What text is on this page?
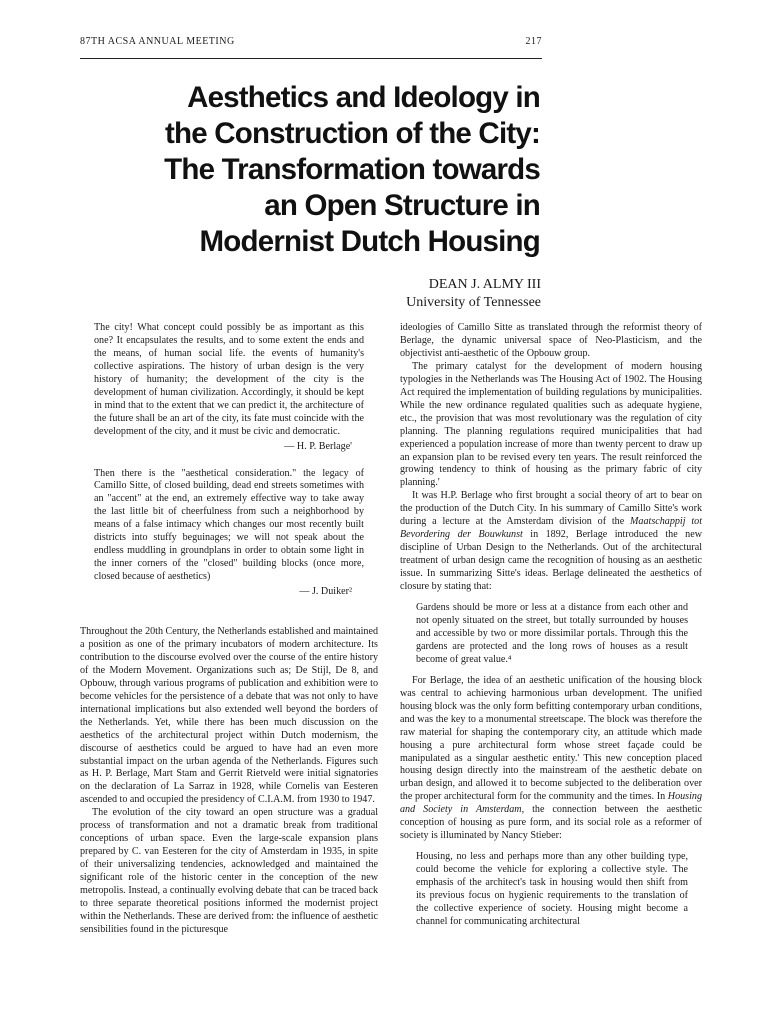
87TH ACSA ANNUAL MEETING	217
Aesthetics and Ideology in
the Construction of the City:
The Transformation towards
an Open Structure in
Modernist Dutch Housing
DEAN J. ALMY III
University of Tennessee

The city! What concept could possibly be as important as this one? It encapsulates the results, and to some extent the ends and the means, of human social life. the events of humanity's collective aspirations. The history of urban design is the very history of humanity; the development of the city is the development of human civilization. Accordingly, it should be kept in mind that to the extent that we can predict it, the architecture of the future shall be an art of the city, its fate must coincide with the development of the city, and it must be civic and democratic.

— H. P. Berlage'

Then there is the "aesthetical consideration." the legacy of Camillo Sitte, of closed building, dead end streets sometimes with an "accent" at the end, an extremely effective way to take away the last little bit of cheerfulness from such a neighborhood by means of a false intimacy which changes our most recently built districts into stuffy beguinages; we will not speak about the endless muddling in groundplans in order to obtain some light in the inner corners of the "closed" building blocks (once more, closed because of aesthetics)

— J. Duiker²

Throughout the 20th Century, the Netherlands established and maintained a position as one of the primary incubators of modern architecture. Its contribution to the discourse evolved over the course of the entire history of the Modern Movement. Organizations such as; De Stijl, De 8, and Opbouw, through various programs of publication and exhibition were to become vehicles for the persistence of a debate that was not only to have international implications but also extended well beyond the borders of the Netherlands. Yet, while there has been much discussion on the aesthetics of the architectural project within Dutch modernism, the discourse of aesthetics could be argued to have had an even more substantial impact on the urban agenda of the Netherlands. Figures such as H. P. Berlage, Mart Stam and Gerrit Rietveld were initial signatories on the declaration of La Sarraz in 1928, while Cornelis van Eesteren ascended to and occupied the presidency of C.I.A.M. from 1930 to 1947.

The evolution of the city toward an open structure was a gradual process of transformation and not a dramatic break from traditional conceptions of urban space. Even the large-scale expansion plans prepared by C. van Eesteren for the city of Amsterdam in 1935, in spite of their universalizing tendencies, acknowledged and maintained the significant role of the historic center in the conception of the new metropolis. Instead, a continually evolving debate that can be traced back to three separate theoretical positions informed the modernist project within the Netherlands. These are derived from: the influence of aesthetic sensibilities found in the picturesque

ideologies of Camillo Sitte as translated through the reformist theory of Berlage, the dynamic universal space of Neo-Plasticism, and the objectivist anti-aesthetic of the Opbouw group.

The primary catalyst for the development of modern housing typologies in the Netherlands was The Housing Act of 1902. The Housing Act required the implementation of building regulations by municipalities. While the new ordinance regulated qualities such as adequate hygiene, etc., the provision that was most revolutionary was the regulation of city planning. The planning regulations required municipalities that had experienced a population increase of more than twenty percent to draw up an expansion plan to be revised every ten years. The result reinforced the growing tendency to think of housing as the primary fabric of city planning.'

It was H.P. Berlage who first brought a social theory of art to bear on the production of the Dutch City. In his summary of Camillo Sitte's work during a lecture at the Amsterdam division of the Maatschappij tot Bevordering der Bouwkunst in 1892, Berlage introduced the new discipline of Urban Design to the Netherlands. Out of the architectural treatment of urban design came the recognition of housing as an aesthetic issue. In summarizing Sitte's ideas. Berlage delineated the aesthetics of closure by stating that:

Gardens should be more or less at a distance from each other and not openly situated on the street, but totally surrounded by houses and accessible by two or more dissimilar portals. Through this the gardens are protected and the long rows of houses as a result become of great value.⁴

For Berlage, the idea of an aesthetic unification of the housing block was central to achieving harmonious urban development. The unified housing block was the only form befitting contemporary urban conditions, and was the key to a monumental streetscape. The block was therefore the raw material for shaping the contemporary city, an attitude which made housing a pure architectural form whose street façade could be manipulated as a singular aesthetic entity.' This new conception placed housing design directly into the mainstream of the aesthetic debate on urban design, and allowed it to become subjected to the deliberation over the proper architectural form for the community and the times. In Housing and Society in Amsterdam, the connection between the aesthetic conception of housing as pure form, and its social role as a reformer of society is illuminated by Nancy Stieber:

Housing, no less and perhaps more than any other building type, could become the vehicle for exploring a collective style. The emphasis of the architect's task in housing would then shift from its previous focus on hygienic requirements to the translation of the collective experience of society. Housing might become a channel for communicating architectural
